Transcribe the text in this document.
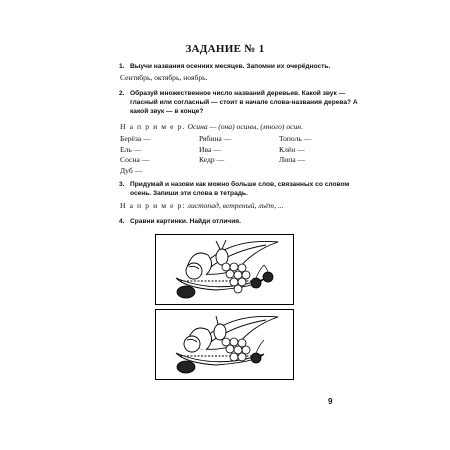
ЗАДАНИЕ № 1
1. Выучи названия осенних месяцев. Запомни их очерёдность.
Сентябрь, октябрь, ноябрь.
2. Образуй множественное число названий деревьев. Какой звук — гласный или согласный — стоит в начале слова-названия дерева? А какой звук — в конце?
Н а п р и м е р. Осина — (она) осины, (много) осин.
Берёза —
Ель —
Сосна —
Дуб —
Рябина —
Ива —
Кедр —
Тополь —
Клён —
Липа —
3. Придумай и назови как можно больше слов, связанных со словом осень. Запиши эти слова в тетрадь.
Н а п р и м е р: листопад, ветреный, льёт, ...
4. Сравни картинки. Найди отличия.
9
